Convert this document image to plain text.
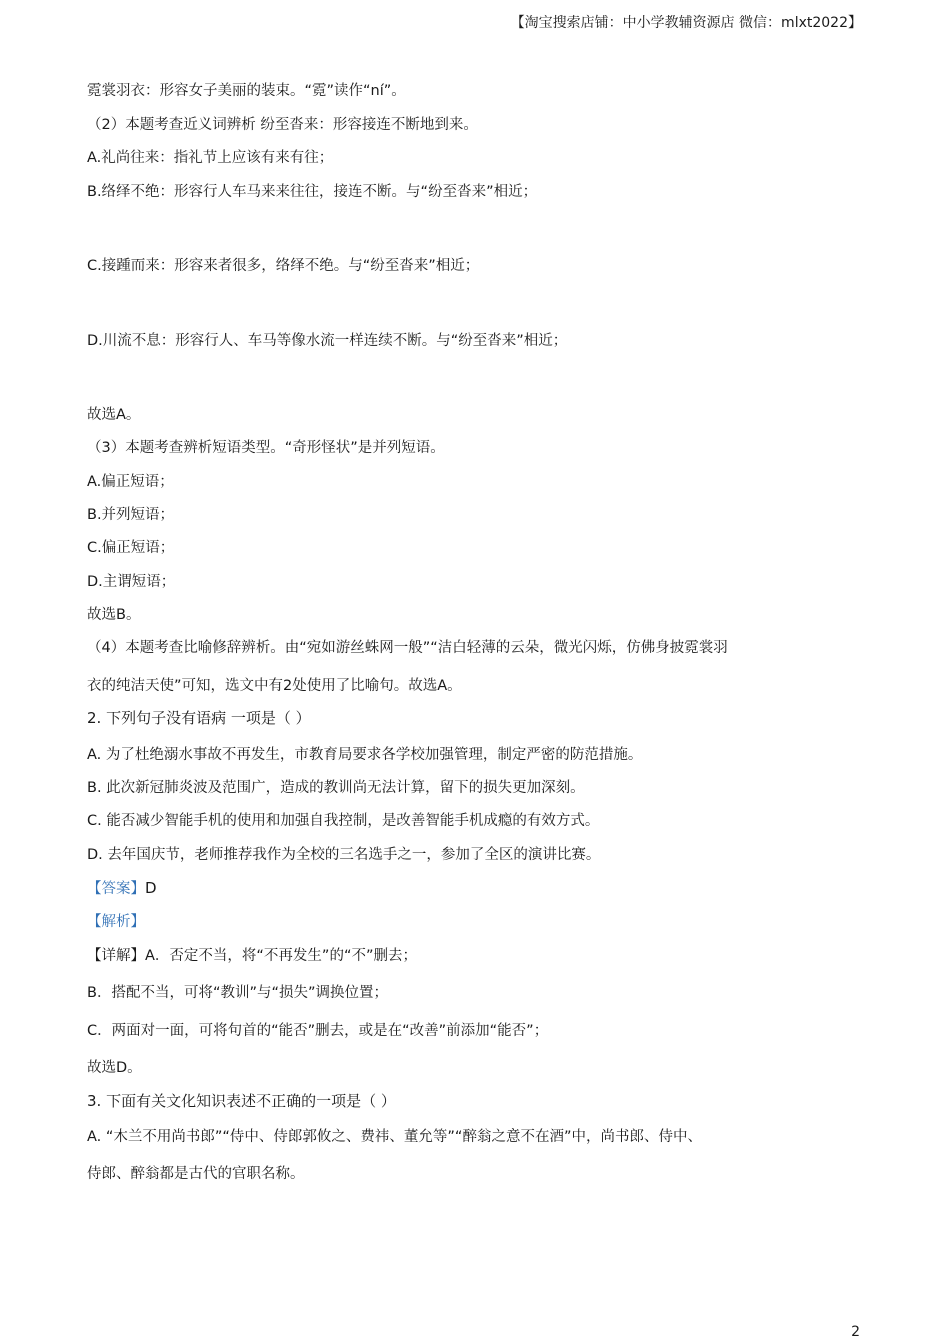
【淘宝搜索店铺：中小学教辅资源店 微信：mlxt2022】
霓裳羽衣：形容女子美丽的装束。“霓”读作“ní”。
（2）本题考查近义词辨析 纷至沓来：形容接连不断地到来。
A.礼尚往来：指礼节上应该有来有往；
B.络绎不绝：形容行人车马来来往往，接连不断。与“纷至沓来”相近；
C.接踵而来：形容来者很多，络绎不绝。与“纷至沓来”相近；
D.川流不息：形容行人、车马等像水流一样连续不断。与“纷至沓来”相近；
故选A。
（3）本题考查辨析短语类型。“奇形怪状”是并列短语。
A.偏正短语；
B.并列短语；
C.偏正短语；
D.主谓短语；
故选B。
（4）本题考查比喻修辞辨析。由“宛如游丝蛛网一般”“洁白轻薄的云朵，微光闪烁，仿佛身披霓裳羽
衣的纯洁天使”可知，选文中有2处使用了比喻句。故选A。
2. 下列句子没有语病 一项是（ ）
A. 为了杜绝溺水事故不再发生，市教育局要求各学校加强管理，制定严密的防范措施。
B. 此次新冠肺炎波及范围广，造成的教训尚无法计算，留下的损失更加深刻。
C. 能否减少智能手机的使用和加强自我控制，是改善智能手机成瘾的有效方式。
D. 去年国庆节，老师推荐我作为全校的三名选手之一，参加了全区的演讲比赛。
【答案】D
【解析】
【详解】A．否定不当，将“不再发生”的“不”删去；
B．搭配不当，可将“教训”与“损失”调换位置；
C．两面对一面，可将句首的“能否”删去，或是在“改善”前添加“能否”；
故选D。
3. 下面有关文化知识表述不正确的一项是（ ）
A. “木兰不用尚书郎”“侍中、侍郎郭攸之、费祎、董允等”“醉翁之意不在酒”中，尚书郎、侍中、
侍郎、醉翁都是古代的官职名称。
2
